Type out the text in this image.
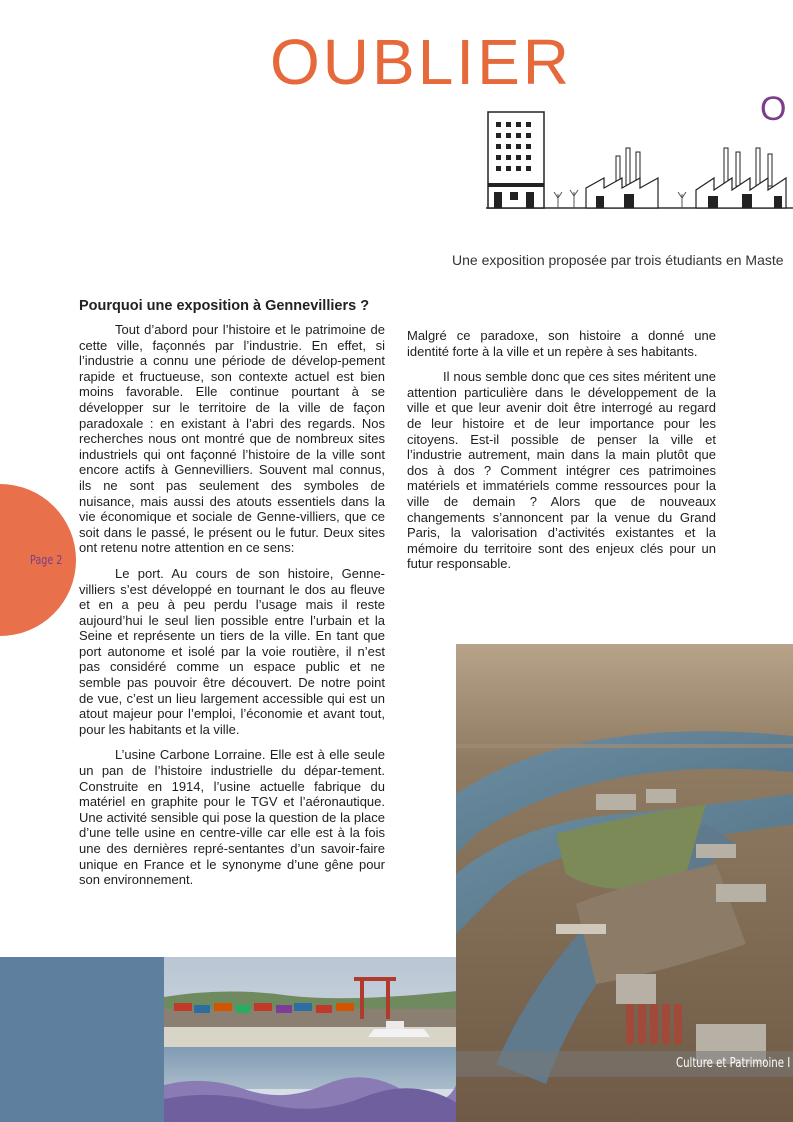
OUBLIER
O
Une exposition proposée par trois étudiants en Maste
Pourquoi une exposition à Gennevilliers ?

Tout d’abord pour l’histoire et le patrimoine de cette ville, façonnés par l’industrie. En effet, si l’industrie a connu une période de dévelop-pement rapide et fructueuse, son contexte actuel est bien moins favorable. Elle continue pourtant à se développer sur le territoire de la ville de façon paradoxale : en existant à l’abri des regards. Nos recherches nous ont montré que de nombreux sites industriels qui ont façonné l’histoire de la ville sont encore actifs à Gennevilliers. Souvent mal connus, ils ne sont pas seulement des symboles de nuisance, mais aussi des atouts essentiels dans la vie économique et sociale de Genne-villiers, que ce soit dans le passé, le présent ou le futur. Deux sites ont retenu notre attention en ce sens:

Le port. Au cours de son histoire, Genne-villiers s’est développé en tournant le dos au fleuve et en a peu à peu perdu l’usage mais il reste aujourd’hui le seul lien possible entre l’urbain et la Seine et représente un tiers de la ville. En tant que port autonome et isolé par la voie routière, il n’est pas considéré comme un espace public et ne semble pas pouvoir être découvert. De notre point de vue, c’est un lieu largement accessible qui est un atout majeur pour l’emploi, l’économie et avant tout, pour les habitants et la ville.

L’usine Carbone Lorraine. Elle est à elle seule un pan de l’histoire industrielle du dépar-tement. Construite en 1914, l’usine actuelle fabrique du matériel en graphite pour le TGV et l’aéronautique. Une activité sensible qui pose la question de la place d’une telle usine en centre-ville car elle est à la fois une des dernières repré-sentantes d’un savoir-faire unique en France et le synonyme d’une gêne pour son environnement.

Malgré ce paradoxe, son histoire a donné une identité forte à la ville et un repère à ses habitants.

Il nous semble donc que ces sites méritent une attention particulière dans le développement de la ville et que leur avenir doit être interrogé au regard de leur histoire et de leur importance pour les citoyens. Est-il possible de penser la ville et l’industrie autrement, main dans la main plutôt que dos à dos ? Comment intégrer ces patrimoines matériels et immatériels comme ressources pour la ville de demain ? Alors que de nouveaux changements s’annoncent par la venue du Grand Paris, la valorisation d’activités existantes et la mémoire du territoire sont des enjeux clés pour un futur responsable.

Page 2
Culture et Patrimoine I
